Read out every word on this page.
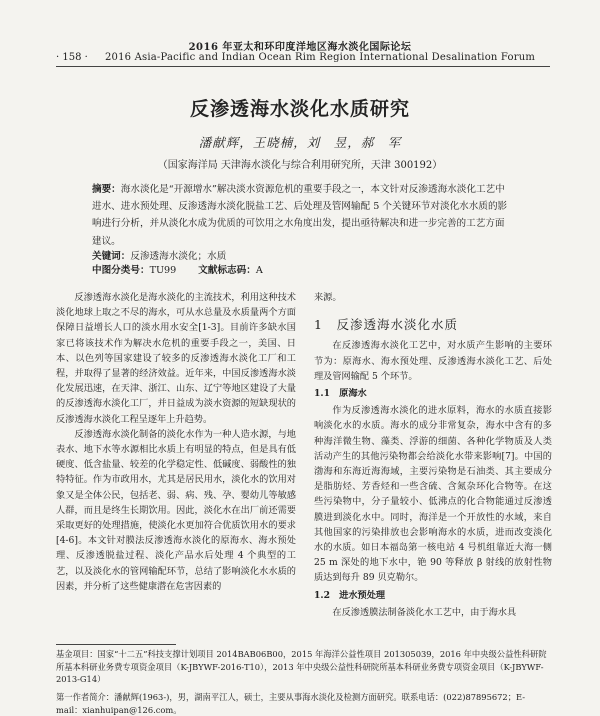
2016 年亚太和环印度洋地区海水淡化国际论坛
· 158 ·	2016 Asia-Pacific and Indian Ocean Rim Region International Desalination Forum
反渗透海水淡化水质研究
潘献辉，王晓楠，刘　昱，郝　军
（国家海洋局 天津海水淡化与综合利用研究所，天津 300192）
摘要：海水淡化是“开源增水”解决淡水资源危机的重要手段之一，本文针对反渗透海水淡化工艺中进水、进水预处理、反渗透海水淡化脱盐工艺、后处理及管网输配 5 个关键环节对淡化水水质的影响进行分析，并从淡化水成为优质的可饮用之水角度出发，提出亟待解决和进一步完善的工艺方面建议。
关键词：反渗透海水淡化；水质
中图分类号：TU99 文献标志码：A

反渗透海水淡化是海水淡化的主流技术，利用这种技术淡化地球上取之不尽的海水，可从水总量及水质量两个方面保障日益增长人口的淡水用水安全[1-3]。目前许多缺水国家已将该技术作为解决水危机的重要手段之一，美国、日本、以色列等国家建设了较多的反渗透海水淡化工厂和工程，并取得了显著的经济效益。近年来，中国反渗透海水淡化发展迅速，在天津、浙江、山东、辽宁等地区建设了大量的反渗透海水淡化工厂，并日益成为淡水资源的短缺现状的反渗透海水淡化工程呈逐年上升趋势。

反渗透海水淡化制备的淡化水作为一种人造水源，与地表水、地下水等水源相比水质上有明显的特点，但是具有低硬度、低含盐量、较差的化学稳定性、低碱度、弱酸性的独特特征。作为市政用水，尤其是居民用水，淡化水的饮用对象又是全体公民，包括老、弱、病、残、孕、婴幼儿等敏感人群，而且是终生长期饮用。因此，淡化水在出厂前还需要采取更好的处理措施，使淡化水更加符合优质饮用水的要求[4-6]。本文针对膜法反渗透海水淡化的原海水、海水预处理、反渗透脱盐过程、淡化产品水后处理 4 个典型的工艺，以及淡化水的管网输配环节，总结了影响淡化水水质的因素，并分析了这些健康潜在危害因素的

来源。

1　反渗透海水淡化水质

在反渗透海水淡化工艺中，对水质产生影响的主要环节为：原海水、海水预处理、反渗透海水淡化工艺、后处理及管网输配 5 个环节。

1.1　原海水

作为反渗透海水淡化的进水原料，海水的水质直接影响淡化水的水质。海水的成分非常复杂，海水中含有的多种海洋微生物、藻类、浮游的细菌、各种化学物质及人类活动产生的其他污染物都会给淡化水带来影响[7]。中国的渤海和东海近海海域，主要污染物是石油类、其主要成分是脂肪烃、芳香烃和一些含硫、含氮杂环化合物等。在这些污染物中，分子量较小、低沸点的化合物能通过反渗透膜进到淡化水中。同时，海洋是一个开放性的水域，来自其他国家的污染排放也会影响海水的水质，进而改变淡化水的水质。如日本福岛第一核电站 4 号机组靠近大海一侧 25 m 深处的地下水中，铯 90 等释放 β 射线的放射性物质达到每升 89 贝克勒尔。

1.2　进水预处理

在反渗透膜法制备淡化水工艺中，由于海水具

基金项目：国家“十二五”科技支撑计划项目 2014BAB06B00，2015 年海洋公益性项目 201305039，2016 年中央级公益性科研院所基本科研业务费专项资金项目（K-JBYWF-2016-T10），2013 年中央级公益性科研院所基本科研业务费专项资金项目（K-JBYWF-2013-G14）
第一作者简介：潘献辉(1963-)，男，湖南平江人，硕士，主要从事海水淡化及检测方面研究。联系电话：(022)87895672；E-mail：xianhuipan@126.com。
